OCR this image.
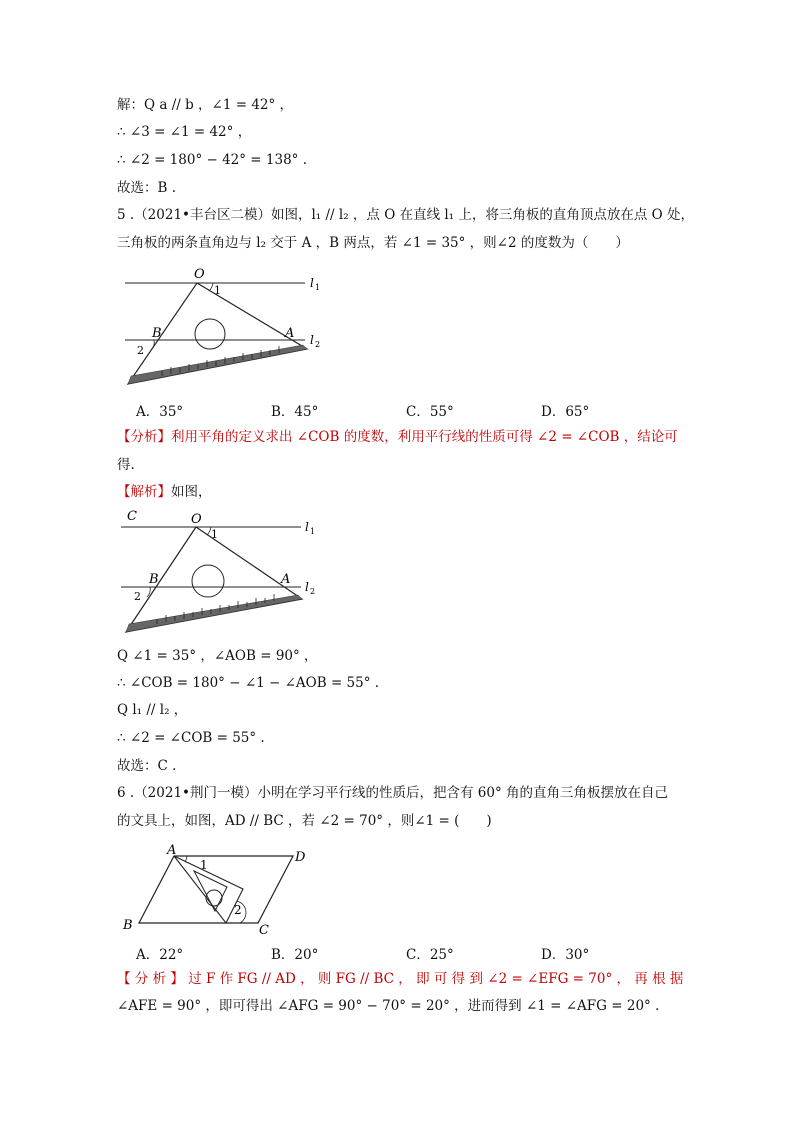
解：Q a // b ，∠1 = 42° ，
∴ ∠3 = ∠1 = 42° ，
∴ ∠2 = 180° − 42° = 138° .
故选：B .
5 .（2021•丰台区二模）如图，l₁ // l₂ ，点 O 在直线 l₁ 上，将三角板的直角顶点放在点 O 处，
三角板的两条直角边与 l₂ 交于 A ，B 两点，若 ∠1 = 35° ，则∠2 的度数为（　　）
O
1
l 1
B	A l 2
2
A．35°	B．45°	C．55°	D．65°
【分析】利用平角的定义求出 ∠COB 的度数，利用平行线的性质可得 ∠2 = ∠COB ，结论可
得.
【解析】如图，
C	O
1
l 1
B	A l 2
2
Q ∠1 = 35° ，∠AOB = 90° ，
∴ ∠COB = 180° − ∠1 − ∠AOB = 55° .
Q l₁ // l₂ ，
∴ ∠2 = ∠COB = 55° .
故选：C .
6 .（2021•荆门一模）小明在学习平行线的性质后，把含有 60° 角的直角三角板摆放在自己
的文具上，如图，AD // BC ，若 ∠2 = 70° ，则∠1 = (　　)
A	D
B	C
1
2
A．22°	B．20°	C．25°	D．30°
【 分 析 】 过 F 作 FG // AD ， 则 FG // BC ， 即 可 得 到 ∠2 = ∠EFG = 70° ， 再 根 据
∠AFE = 90° ，即可得出 ∠AFG = 90° − 70° = 20° ，进而得到 ∠1 = ∠AFG = 20° .
